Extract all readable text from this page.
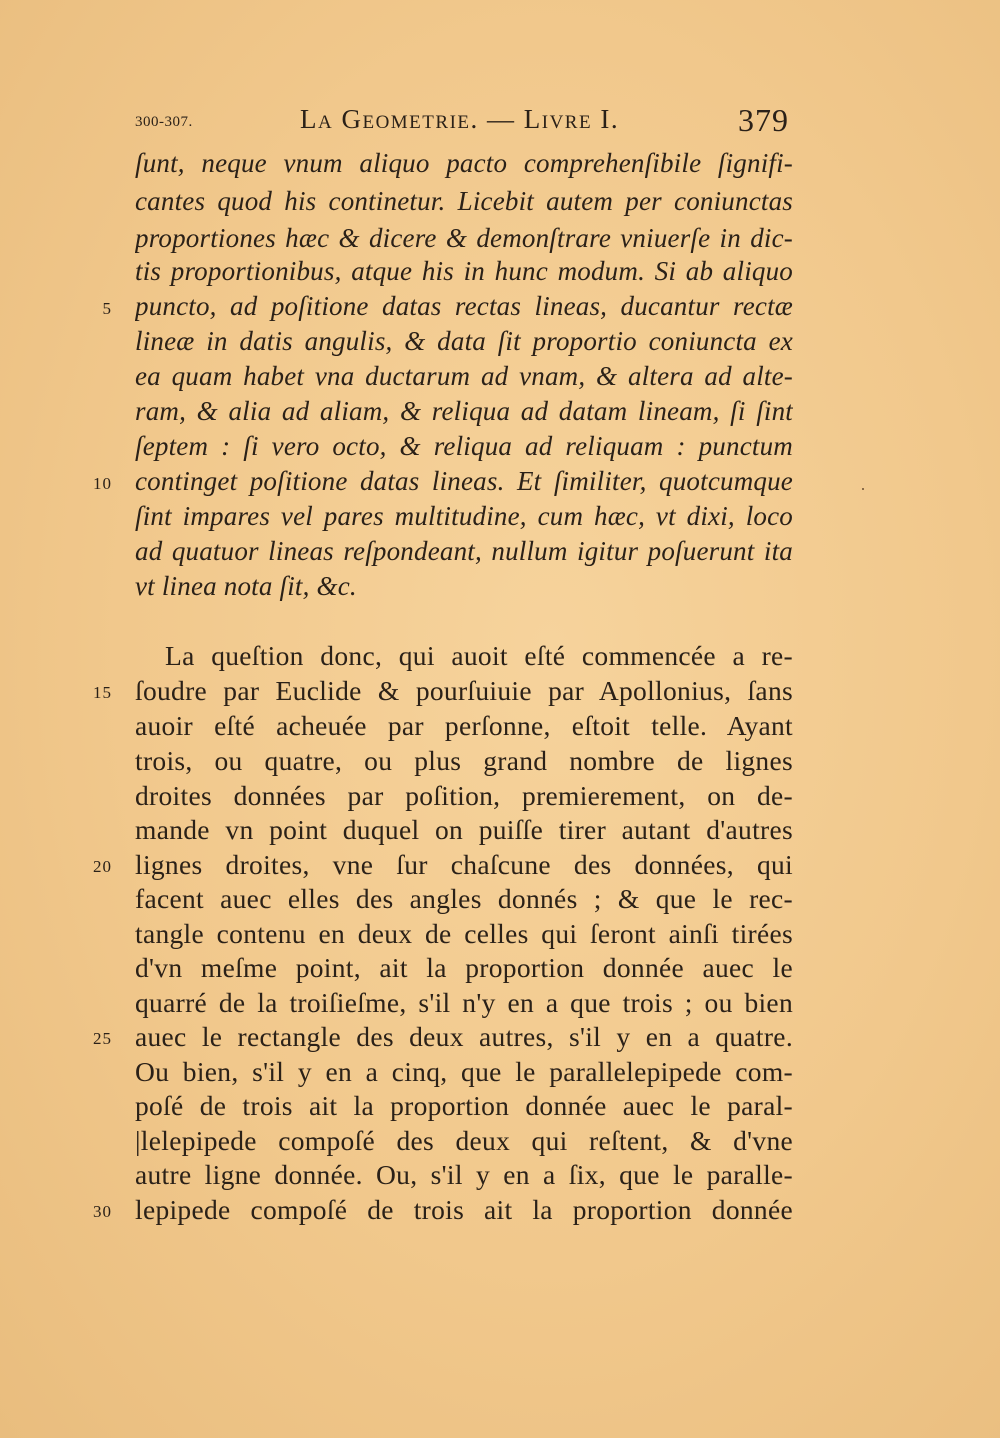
300-307.	La Geometrie. — Livre I.	379
ſunt, neque vnum aliquo pacto comprehenſibile ſignifi-
cantes quod his continetur. Licebit autem per coniunctas
proportiones hæc & dicere & demonſtrare vniuerſe in dic-
tis proportionibus, atque his in hunc modum. Si ab aliquo
puncto, ad poſitione datas rectas lineas, ducantur rectæ
lineæ in datis angulis, & data ſit proportio coniuncta ex
ea quam habet vna ductarum ad vnam, & altera ad alte-
ram, & alia ad aliam, & reliqua ad datam lineam, ſi ſint
ſeptem : ſi vero octo, & reliqua ad reliquam : punctum
continget poſitione datas lineas. Et ſimiliter, quotcumque
ſint impares vel pares multitudine, cum hæc, vt dixi, loco
ad quatuor lineas reſpondeant, nullum igitur poſuerunt ita
vt linea nota ſit, &c.
La queſtion donc, qui auoit eſté commencée a re-
ſoudre par Euclide & pourſuiuie par Apollonius, ſans
auoir eſté acheuée par perſonne, eſtoit telle. Ayant
trois, ou quatre, ou plus grand nombre de lignes
droites données par poſition, premierement, on de-
mande vn point duquel on puiſſe tirer autant d'autres
lignes droites, vne ſur chaſcune des données, qui
facent auec elles des angles donnés ; & que le rec-
tangle contenu en deux de celles qui ſeront ainſi tirées
d'vn meſme point, ait la proportion donnée auec le
quarré de la troiſieſme, s'il n'y en a que trois ; ou bien
auec le rectangle des deux autres, s'il y en a quatre.
Ou bien, s'il y en a cinq, que le parallelepipede com-
poſé de trois ait la proportion donnée auec le paral-
|lelepipede compoſé des deux qui reſtent, & d'vne
autre ligne donnée. Ou, s'il y en a ſix, que le paralle-
lepipede compoſé de trois ait la proportion donnée
5
10
15
20
25
30
